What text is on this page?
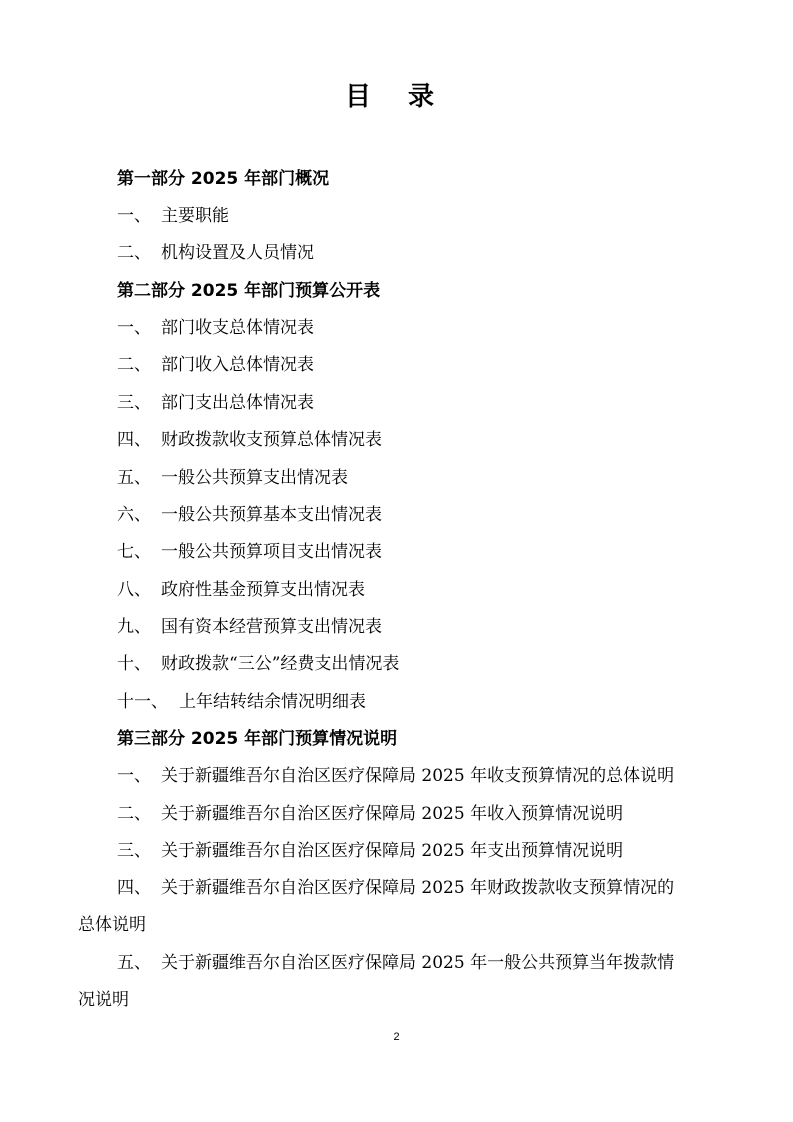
目 录
第一部分 2025 年部门概况
一、 主要职能
二、 机构设置及人员情况
第二部分 2025 年部门预算公开表
一、 部门收支总体情况表
二、 部门收入总体情况表
三、 部门支出总体情况表
四、 财政拨款收支预算总体情况表
五、 一般公共预算支出情况表
六、 一般公共预算基本支出情况表
七、 一般公共预算项目支出情况表
八、 政府性基金预算支出情况表
九、 国有资本经营预算支出情况表
十、 财政拨款“三公”经费支出情况表
十一、 上年结转结余情况明细表
第三部分 2025 年部门预算情况说明
一、 关于新疆维吾尔自治区医疗保障局 2025 年收支预算情况的总体说明
二、 关于新疆维吾尔自治区医疗保障局 2025 年收入预算情况说明
三、 关于新疆维吾尔自治区医疗保障局 2025 年支出预算情况说明
四、 关于新疆维吾尔自治区医疗保障局 2025 年财政拨款收支预算情况的
总体说明
五、 关于新疆维吾尔自治区医疗保障局 2025 年一般公共预算当年拨款情
况说明
2
